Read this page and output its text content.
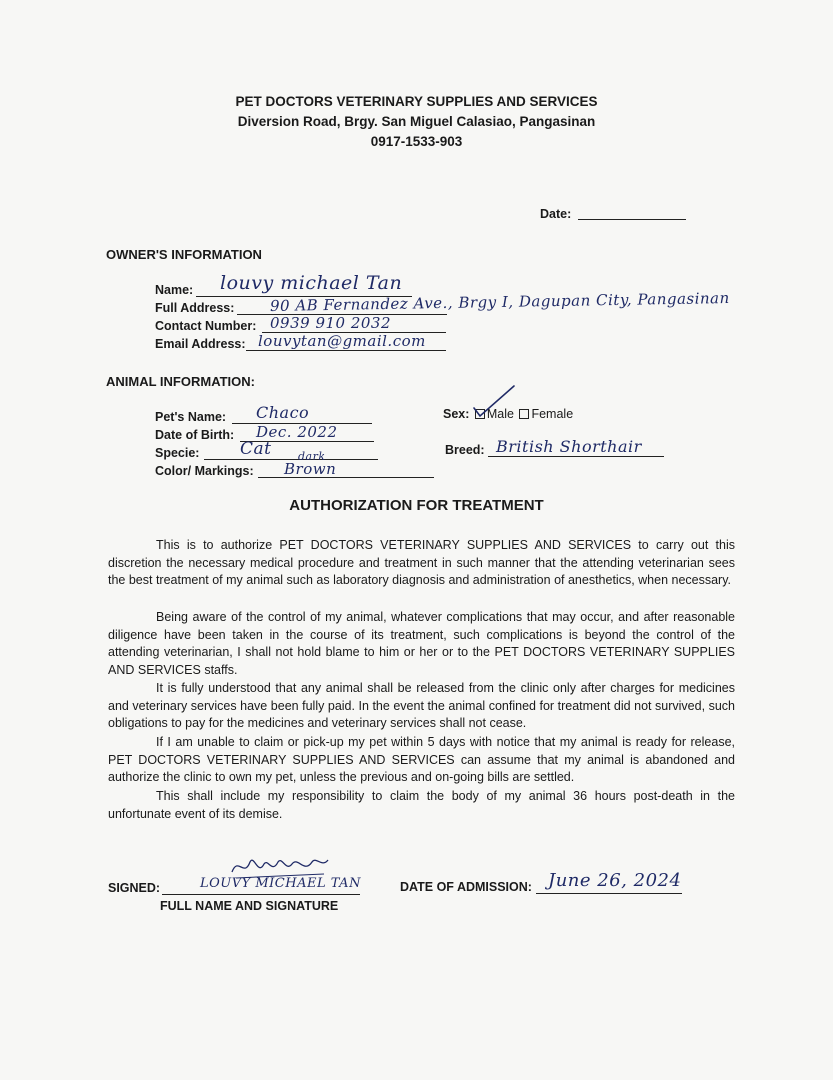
PET DOCTORS VETERINARY SUPPLIES AND SERVICES
Diversion Road, Brgy. San Miguel Calasiao, Pangasinan
0917-1533-903
Date:
OWNER'S INFORMATION
Name: louvy michael Tan
Full Address: 90 AB Fernandez Ave., Brgy I, Dagupan City, Pangasinan
Contact Number: 0939 910 2032
Email Address: louvytan@gmail.com
ANIMAL INFORMATION:
Pet's Name: Chaco
Date of Birth: Dec. 2022
Specie: Cat dark
Color/ Markings: Brown
Sex: Male Female
Breed: British Shorthair
AUTHORIZATION FOR TREATMENT

This is to authorize PET DOCTORS VETERINARY SUPPLIES AND SERVICES to carry out this discretion the necessary medical procedure and treatment in such manner that the attending veterinarian sees the best treatment of my animal such as laboratory diagnosis and administration of anesthetics, when necessary.

Being aware of the control of my animal, whatever complications that may occur, and after reasonable diligence have been taken in the course of its treatment, such complications is beyond the control of the attending veterinarian, I shall not hold blame to him or her or to the PET DOCTORS VETERINARY SUPPLIES AND SERVICES staffs.

It is fully understood that any animal shall be released from the clinic only after charges for medicines and veterinary services have been fully paid. In the event the animal confined for treatment did not survived, such obligations to pay for the medicines and veterinary services shall not cease.

If I am unable to claim or pick-up my pet within 5 days with notice that my animal is ready for release, PET DOCTORS VETERINARY SUPPLIES AND SERVICES can assume that my animal is abandoned and authorize the clinic to own my pet, unless the previous and on-going bills are settled.

This shall include my responsibility to claim the body of my animal 36 hours post-death in the unfortunate event of its demise.

SIGNED:	LOUVY MICHAEL TAN
FULL NAME AND SIGNATURE
DATE OF ADMISSION: June 26, 2024
